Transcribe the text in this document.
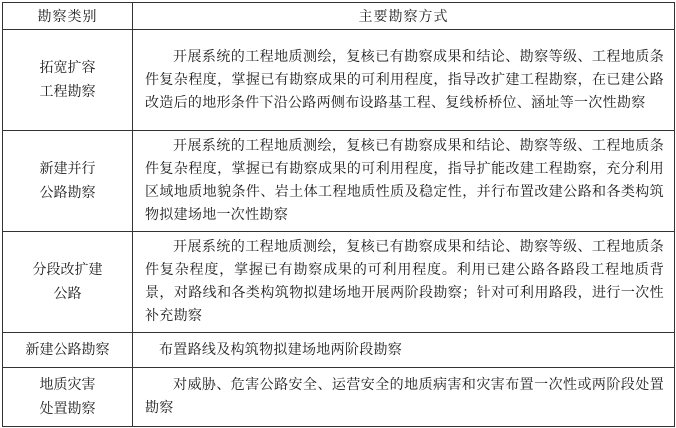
勘察类别	主要勘察方式

拓宽扩容
工程勘察	开展系统的工程地质测绘，复核已有勘察成果和结论、勘察等级、工程地质条件复杂程度，掌握已有勘察成果的可利用程度，指导改扩建工程勘察，在已建公路改造后的地形条件下沿公路两侧布设路基工程、复线桥桥位、涵址等一次性勘察

新建并行
公路勘察	开展系统的工程地质测绘，复核已有勘察成果和结论、勘察等级、工程地质条件复杂程度，掌握已有勘察成果的可利用程度，指导扩能改建工程勘察，充分利用区域地质地貌条件、岩土体工程地质性质及稳定性，并行布置改建公路和各类构筑物拟建场地一次性勘察

分段改扩建
公路	开展系统的工程地质测绘，复核已有勘察成果和结论、勘察等级、工程地质条件复杂程度，掌握已有勘察成果的可利用程度。利用已建公路各路段工程地质背景，对路线和各类构筑物拟建场地开展两阶段勘察；针对可利用路段，进行一次性补充勘察

新建公路勘察	布置路线及构筑物拟建场地两阶段勘察

地质灾害
处置勘察	对威胁、危害公路安全、运营安全的地质病害和灾害布置一次性或两阶段处置勘察
